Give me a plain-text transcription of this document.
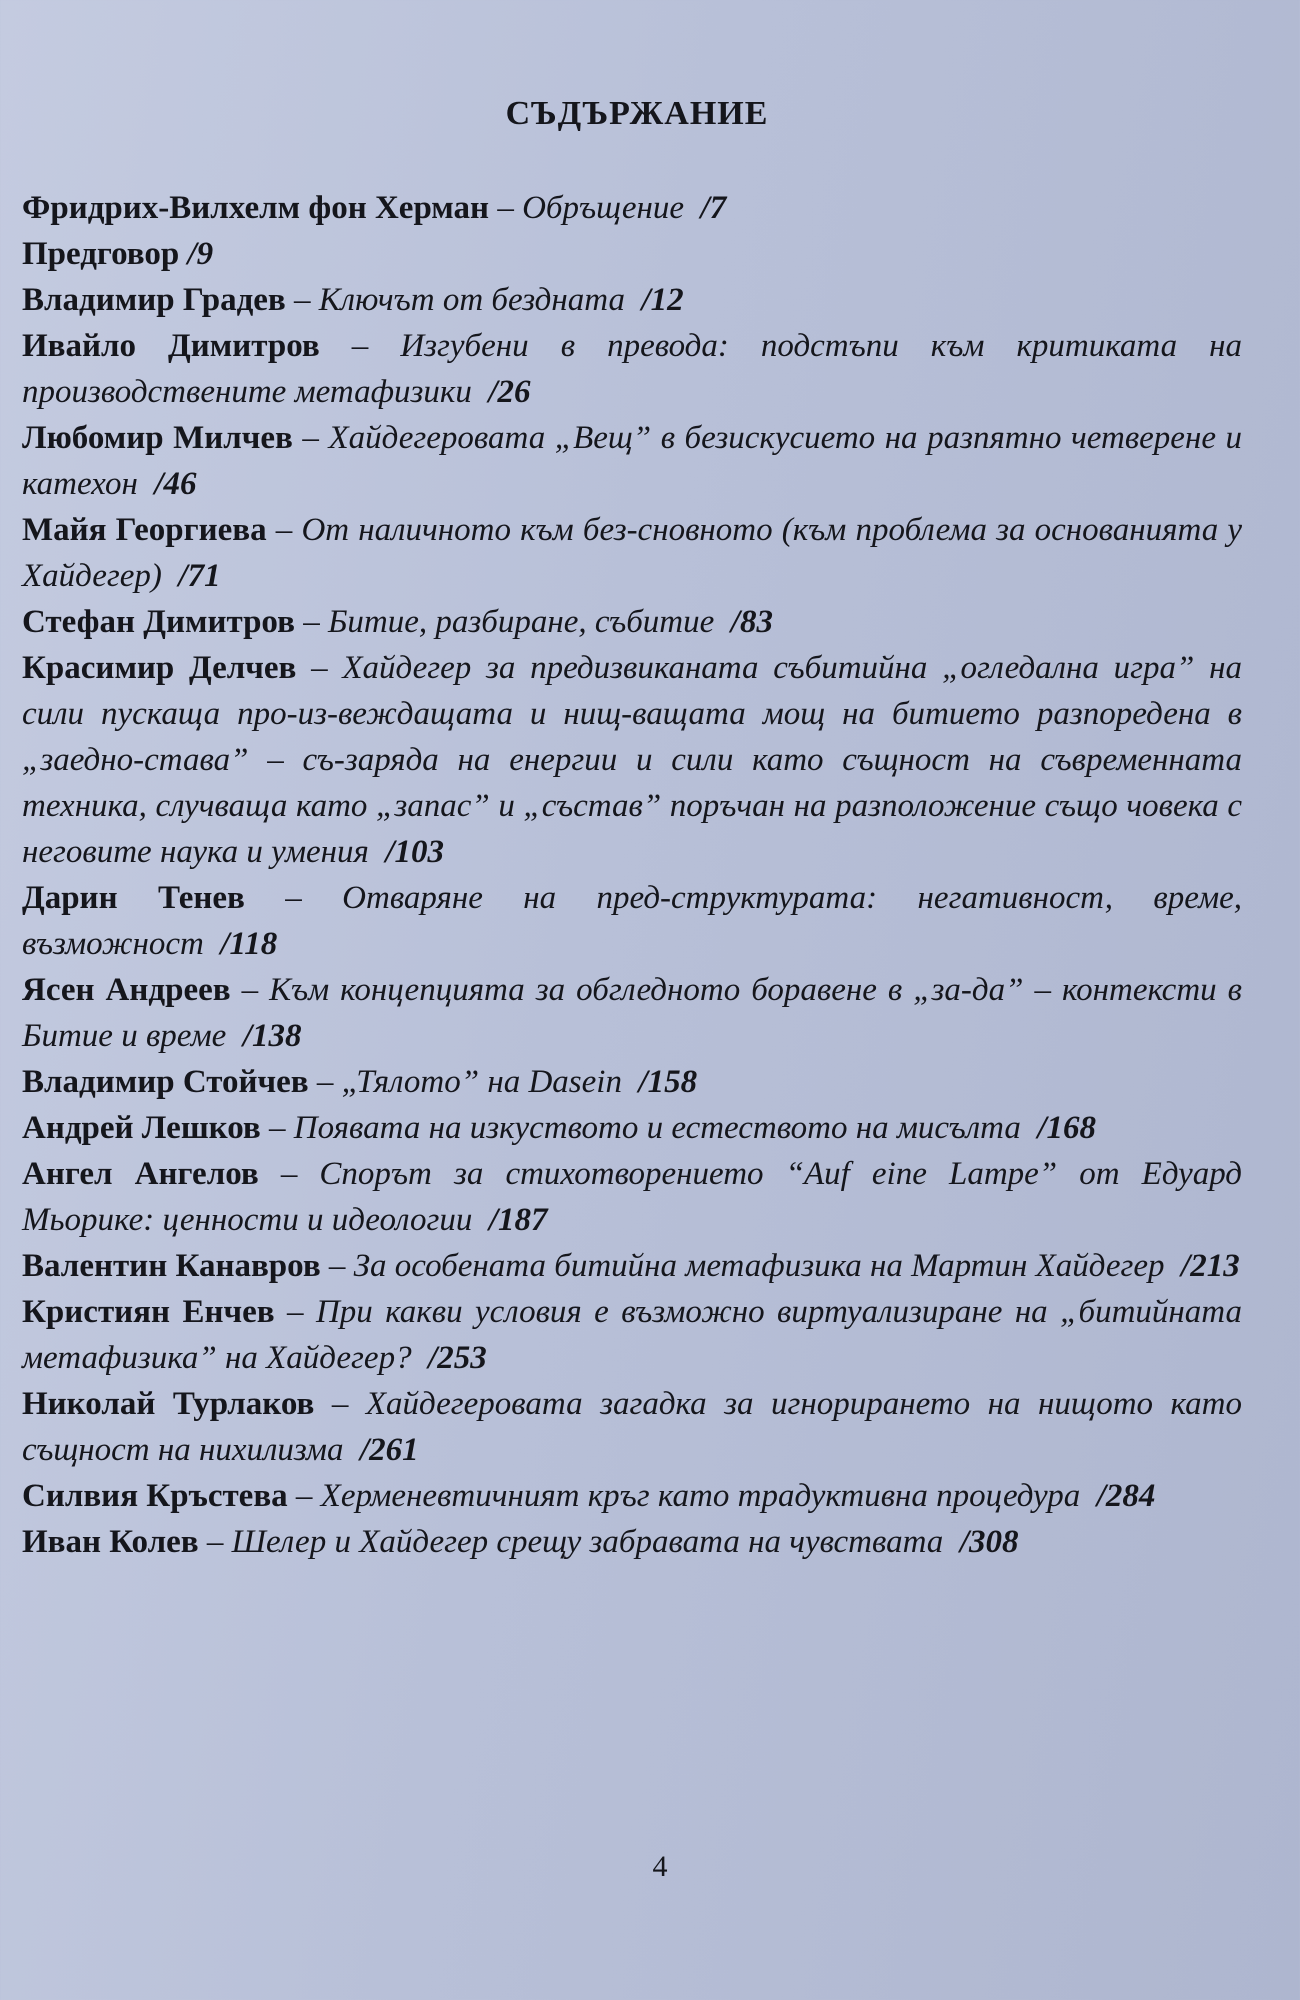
СЪДЪРЖАНИЕ
Фридрих-Вилхелм фон Херман – Обръщение /7
Предговор /9
Владимир Градев – Ключът от бездната /12
Ивайло Димитров – Изгубени в превода: подстъпи към критиката на производствените метафизики /26
Любомир Милчев – Хайдегеровата „Вещ” в безискусието на разпятно четверене и катехон /46
Майя Георгиева – От наличното към без-сновното (към проблема за основанията у Хайдегер) /71
Стефан Димитров – Битие, разбиране, събитие /83
Красимир Делчев – Хайдегер за предизвиканата събитийна „огледална игра” на сили пускаща про-из-веждащата и нищ-ващата мощ на битието разпоредена в „заедно-става” – съ-заряда на енергии и сили като същност на съвременната техника, случваща като „запас” и „състав” поръчан на разположение също човека с неговите наука и умения /103
Дарин Тенев – Отваряне на пред-структурата: негативност, време, възможност /118
Ясен Андреев – Към концепцията за обгледното боравене в „за-да” – контексти в Битие и време /138
Владимир Стойчев – „Тялото” на Dasein /158
Андрей Лешков – Появата на изкуството и естеството на мисълта /168
Ангел Ангелов – Спорът за стихотворението “Auf eine Lampe” от Едуард Мьорике: ценности и идеологии /187
Валентин Канавров – За особената битийна метафизика на Мартин Хайдегер /213
Кристиян Енчев – При какви условия е възможно виртуализиране на „битийната метафизика” на Хайдегер? /253
Николай Турлаков – Хайдегеровата загадка за игнорирането на нищото като същност на нихилизма /261
Силвия Кръстева – Херменевтичният кръг като традуктивна процедура /284
Иван Колев – Шелер и Хайдегер срещу забравата на чувствата /308
4
